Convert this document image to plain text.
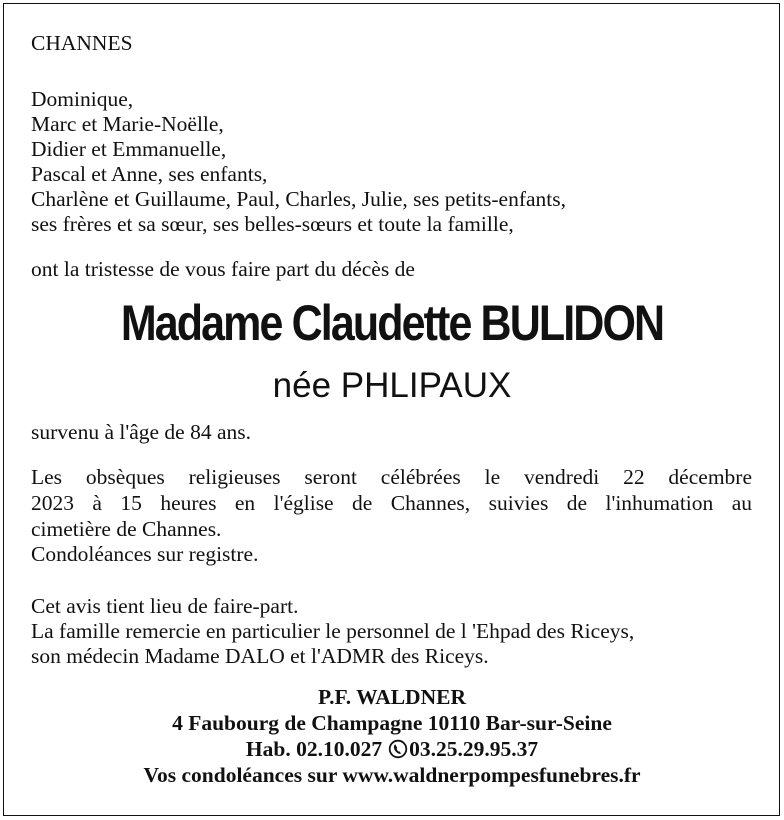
CHANNES
Dominique,
Marc et Marie-Noëlle,
Didier et Emmanuelle,
Pascal et Anne, ses enfants,
Charlène et Guillaume, Paul, Charles, Julie, ses petits-enfants,
ses frères et sa sœur, ses belles-sœurs et toute la famille,
ont la tristesse de vous faire part du décès de
Madame Claudette BULIDON
née PHLIPAUX
survenu à l'âge de 84 ans.
Les obsèques religieuses seront célébrées le vendredi 22 décembre
2023 à 15 heures en l'église de Channes, suivies de l'inhumation au
cimetière de Channes.
Condoléances sur registre.
Cet avis tient lieu de faire-part.
La famille remercie en particulier le personnel de l 'Ehpad des Riceys,
son médecin Madame DALO et l'ADMR des Riceys.
P.F. WALDNER
4 Faubourg de Champagne 10110 Bar-sur-Seine
Hab. 02.10.027 03.25.29.95.37
Vos condoléances sur www.waldnerpompesfunebres.fr
